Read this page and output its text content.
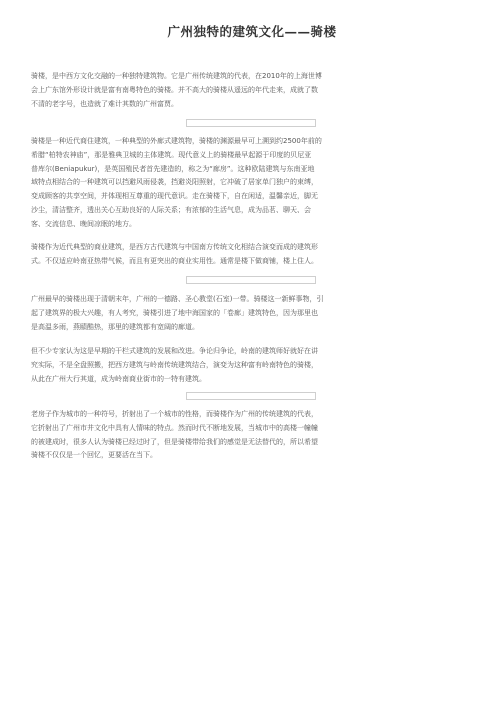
广州独特的建筑文化——骑楼

骑楼，是中西方文化交融的一种独特建筑物。它是广州传统建筑的代表，在2010年的上海世博
会上广东馆外形设计就是富有南粤特色的骑楼。并不高大的骑楼从遥远的年代走来，成就了数
不清的老字号，也造就了难计其数的广州富贾。

骑楼是一种近代商住建筑，一种典型的外廊式建筑物，骑楼的渊源最早可上溯到约2500年前的
希腊“柏特农神庙”，那是雅典卫城的主体建筑。现代意义上的骑楼最早起源于印度的贝尼亚
普库尔(Beniapukur)，是英国殖民者首先建造的，称之为“廊房”。这种欧陆建筑与东南亚地
域特点相结合的一种建筑可以挡避风雨侵袭，挡避炎阳照射，它冲破了居家单门独户的束缚，
变成顾客的共享空间，并体现相互尊重的现代意识。走在骑楼下，自在闲适，温馨亲近，脚无
沙尘，清洁整齐，透出关心互助良好的人际关系；有浓郁的生活气息，成为品茗、聊天、会
客、交流信息、晚间凉眠的地方。

骑楼作为近代典型的商业建筑，是西方古代建筑与中国南方传统文化相结合演变而成的建筑形
式。不仅适应岭南亚热带气候，而且有更突出的商业实用性。通常是楼下做商铺，楼上住人。

广州最早的骑楼出现于清朝末年，广州的一德路、圣心教堂(石室)一带。骑楼这一新鲜事物，引
起了建筑界的极大兴趣，有人考究，骑楼引进了地中海国家的「卷廊」建筑特色，因为那里也
是高温多雨，燕赜酷热，那里的建筑都有宽阔的廊道。

但不少专家认为这是早期的干栏式建筑的发展和改进。争论归争论，岭南的建筑师好就好在讲
究实际，不是全盘照搬，把西方建筑与岭南传统建筑结合，演变为这种富有岭南特色的骑楼，
从此在广州大行其道，成为岭南商业街市的一特有建筑。

老房子作为城市的一种符号，折射出了一个城市的性格，而骑楼作为广州的传统建筑的代表，
它折射出了广州市井文化中具有人情味的特点。然而时代不断地发展，当城市中的高楼一幢幢
的被建成时，很多人认为骑楼已经过时了，但是骑楼带给我们的感觉是无法替代的，所以希望
骑楼不仅仅是一个回忆，更要活在当下。
